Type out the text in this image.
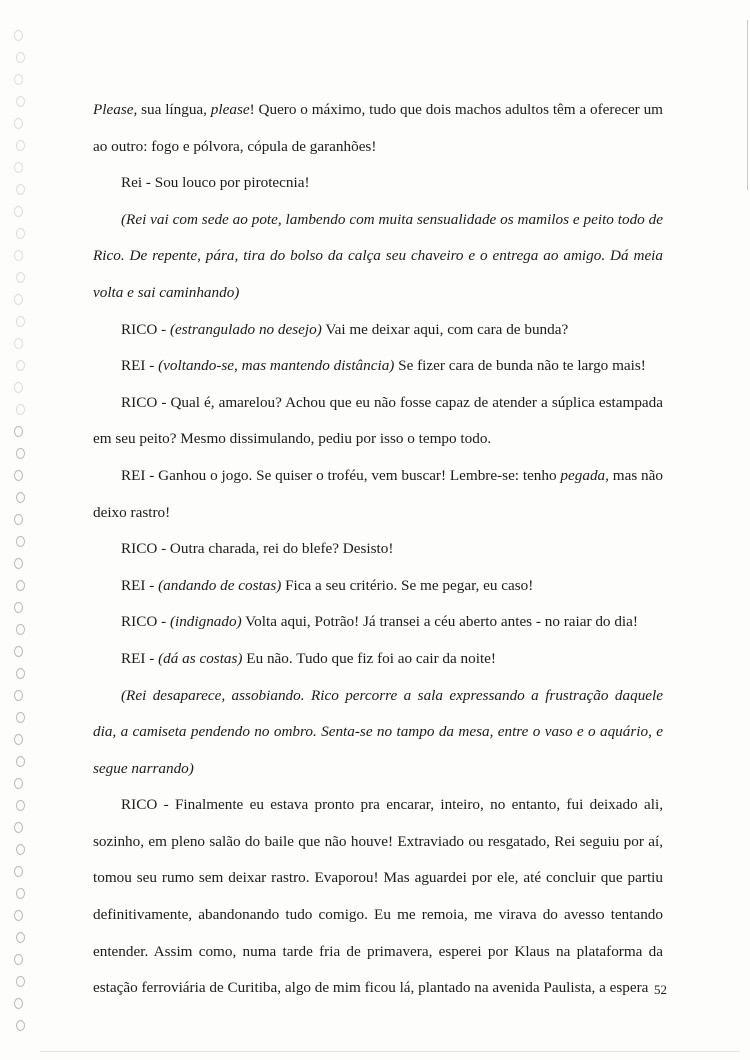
Please, sua língua, please! Quero o máximo, tudo que dois machos adultos têm a oferecer um ao outro: fogo e pólvora, cópula de garanhões!

Rei - Sou louco por pirotecnia!

(Rei vai com sede ao pote, lambendo com muita sensualidade os mamilos e peito todo de Rico. De repente, pára, tira do bolso da calça seu chaveiro e o entrega ao amigo. Dá meia volta e sai caminhando)

RICO - (estrangulado no desejo) Vai me deixar aqui, com cara de bunda?

REI - (voltando-se, mas mantendo distância) Se fizer cara de bunda não te largo mais!

RICO - Qual é, amarelou? Achou que eu não fosse capaz de atender a súplica estampada em seu peito? Mesmo dissimulando, pediu por isso o tempo todo.

REI - Ganhou o jogo. Se quiser o troféu, vem buscar! Lembre-se: tenho pegada, mas não deixo rastro!

RICO - Outra charada, rei do blefe? Desisto!

REI - (andando de costas) Fica a seu critério. Se me pegar, eu caso!

RICO - (indignado) Volta aqui, Potrão! Já transei a céu aberto antes - no raiar do dia!

REI - (dá as costas) Eu não. Tudo que fiz foi ao cair da noite!

(Rei desaparece, assobiando. Rico percorre a sala expressando a frustração daquele dia, a camiseta pendendo no ombro. Senta-se no tampo da mesa, entre o vaso e o aquário, e segue narrando)

RICO - Finalmente eu estava pronto pra encarar, inteiro, no entanto, fui deixado ali, sozinho, em pleno salão do baile que não houve! Extraviado ou resgatado, Rei seguiu por aí, tomou seu rumo sem deixar rastro. Evaporou! Mas aguardei por ele, até concluir que partiu definitivamente, abandonando tudo comigo. Eu me remoia, me virava do avesso tentando entender. Assim como, numa tarde fria de primavera, esperei por Klaus na plataforma da estação ferroviária de Curitiba, algo de mim ficou lá, plantado na avenida Paulista, a espera 52
